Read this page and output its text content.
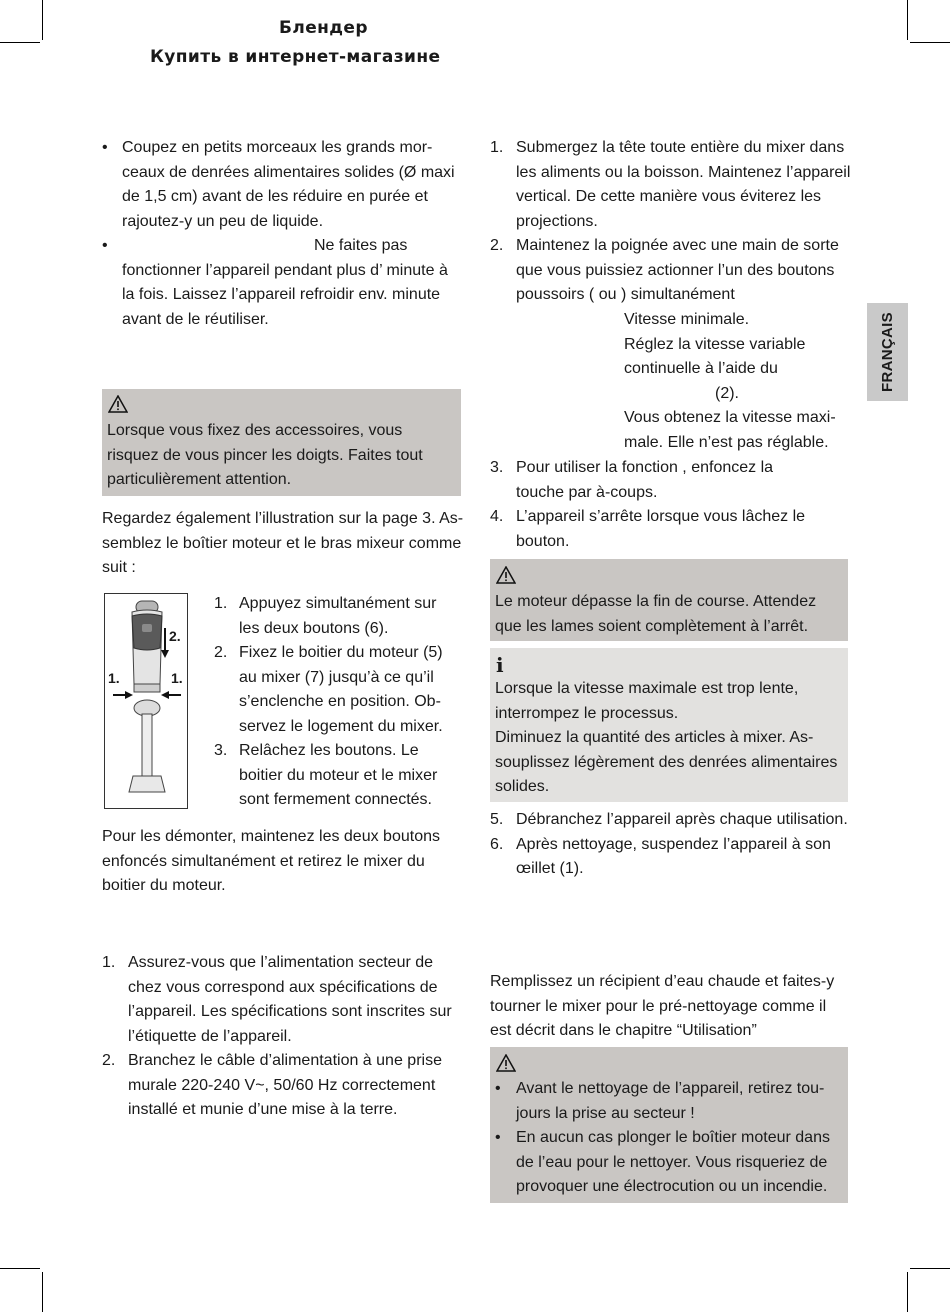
Блендер
Купить в интернет-магазине
FRANÇAIS
• Coupez en petits morceaux les grands mor-

ceaux de denrées alimentaires solides (Ø maxi

de 1,5 cm) avant de les réduire en purée et

rajoutez-y un peu de liquide.

•	Ne faites pas

fonctionner l’appareil pendant plus d’ minute à

la fois. Laissez l’appareil refroidir env. minute

avant de le réutiliser.

Lorsque vous fixez des accessoires, vous

risquez de vous pincer les doigts. Faites tout

particulièrement attention.

Regardez également l’illustration sur la page 3. As-

semblez le boîtier moteur et le bras mixeur comme

suit :

2.
1.	1.
1. Appuyez simultanément sur

les deux boutons (6).

2. Fixez le boitier du moteur (5)

au mixer (7) jusqu’à ce qu’il

s’enclenche en position. Ob-

servez le logement du mixer.

3. Relâchez les boutons. Le

boitier du moteur et le mixer

sont fermement connectés.

Pour les démonter, maintenez les deux boutons

enfoncés simultanément et retirez le mixer du

boitier du moteur.

1. Assurez-vous que l’alimentation secteur de

chez vous correspond aux spécifications de

l’appareil. Les spécifications sont inscrites sur

l’étiquette de l’appareil.

2. Branchez le câble d’alimentation à une prise

murale 220-240 V~, 50/60 Hz correctement

installé et munie d’une mise à la terre.

1. Submergez la tête toute entière du mixer dans

les aliments ou la boisson. Maintenez l’appareil

vertical. De cette manière vous éviterez les

projections.

2. Maintenez la poignée avec une main de sorte

que vous puissiez actionner l’un des boutons

poussoirs ( ou ) simultanément

Vitesse minimale.

Réglez la vitesse variable

continuelle à l’aide du

(2).

Vous obtenez la vitesse maxi-

male. Elle n’est pas réglable.

3. Pour utiliser la fonction , enfoncez la

touche par à-coups.

4. L’appareil s’arrête lorsque vous lâchez le

bouton.

Le moteur dépasse la fin de course. Attendez

que les lames soient complètement à l’arrêt.

i

Lorsque la vitesse maximale est trop lente,

interrompez le processus.

Diminuez la quantité des articles à mixer. As-

souplissez légèrement des denrées alimentaires

solides.

5. Débranchez l’appareil après chaque utilisation.

6. Après nettoyage, suspendez l’appareil à son

œillet (1).

Remplissez un récipient d’eau chaude et faites-y

tourner le mixer pour le pré-nettoyage comme il

est décrit dans le chapitre “Utilisation”

• Avant le nettoyage de l’appareil, retirez tou-

jours la prise au secteur !

• En aucun cas plonger le boîtier moteur dans

de l’eau pour le nettoyer. Vous risqueriez de

provoquer une électrocution ou un incendie.
